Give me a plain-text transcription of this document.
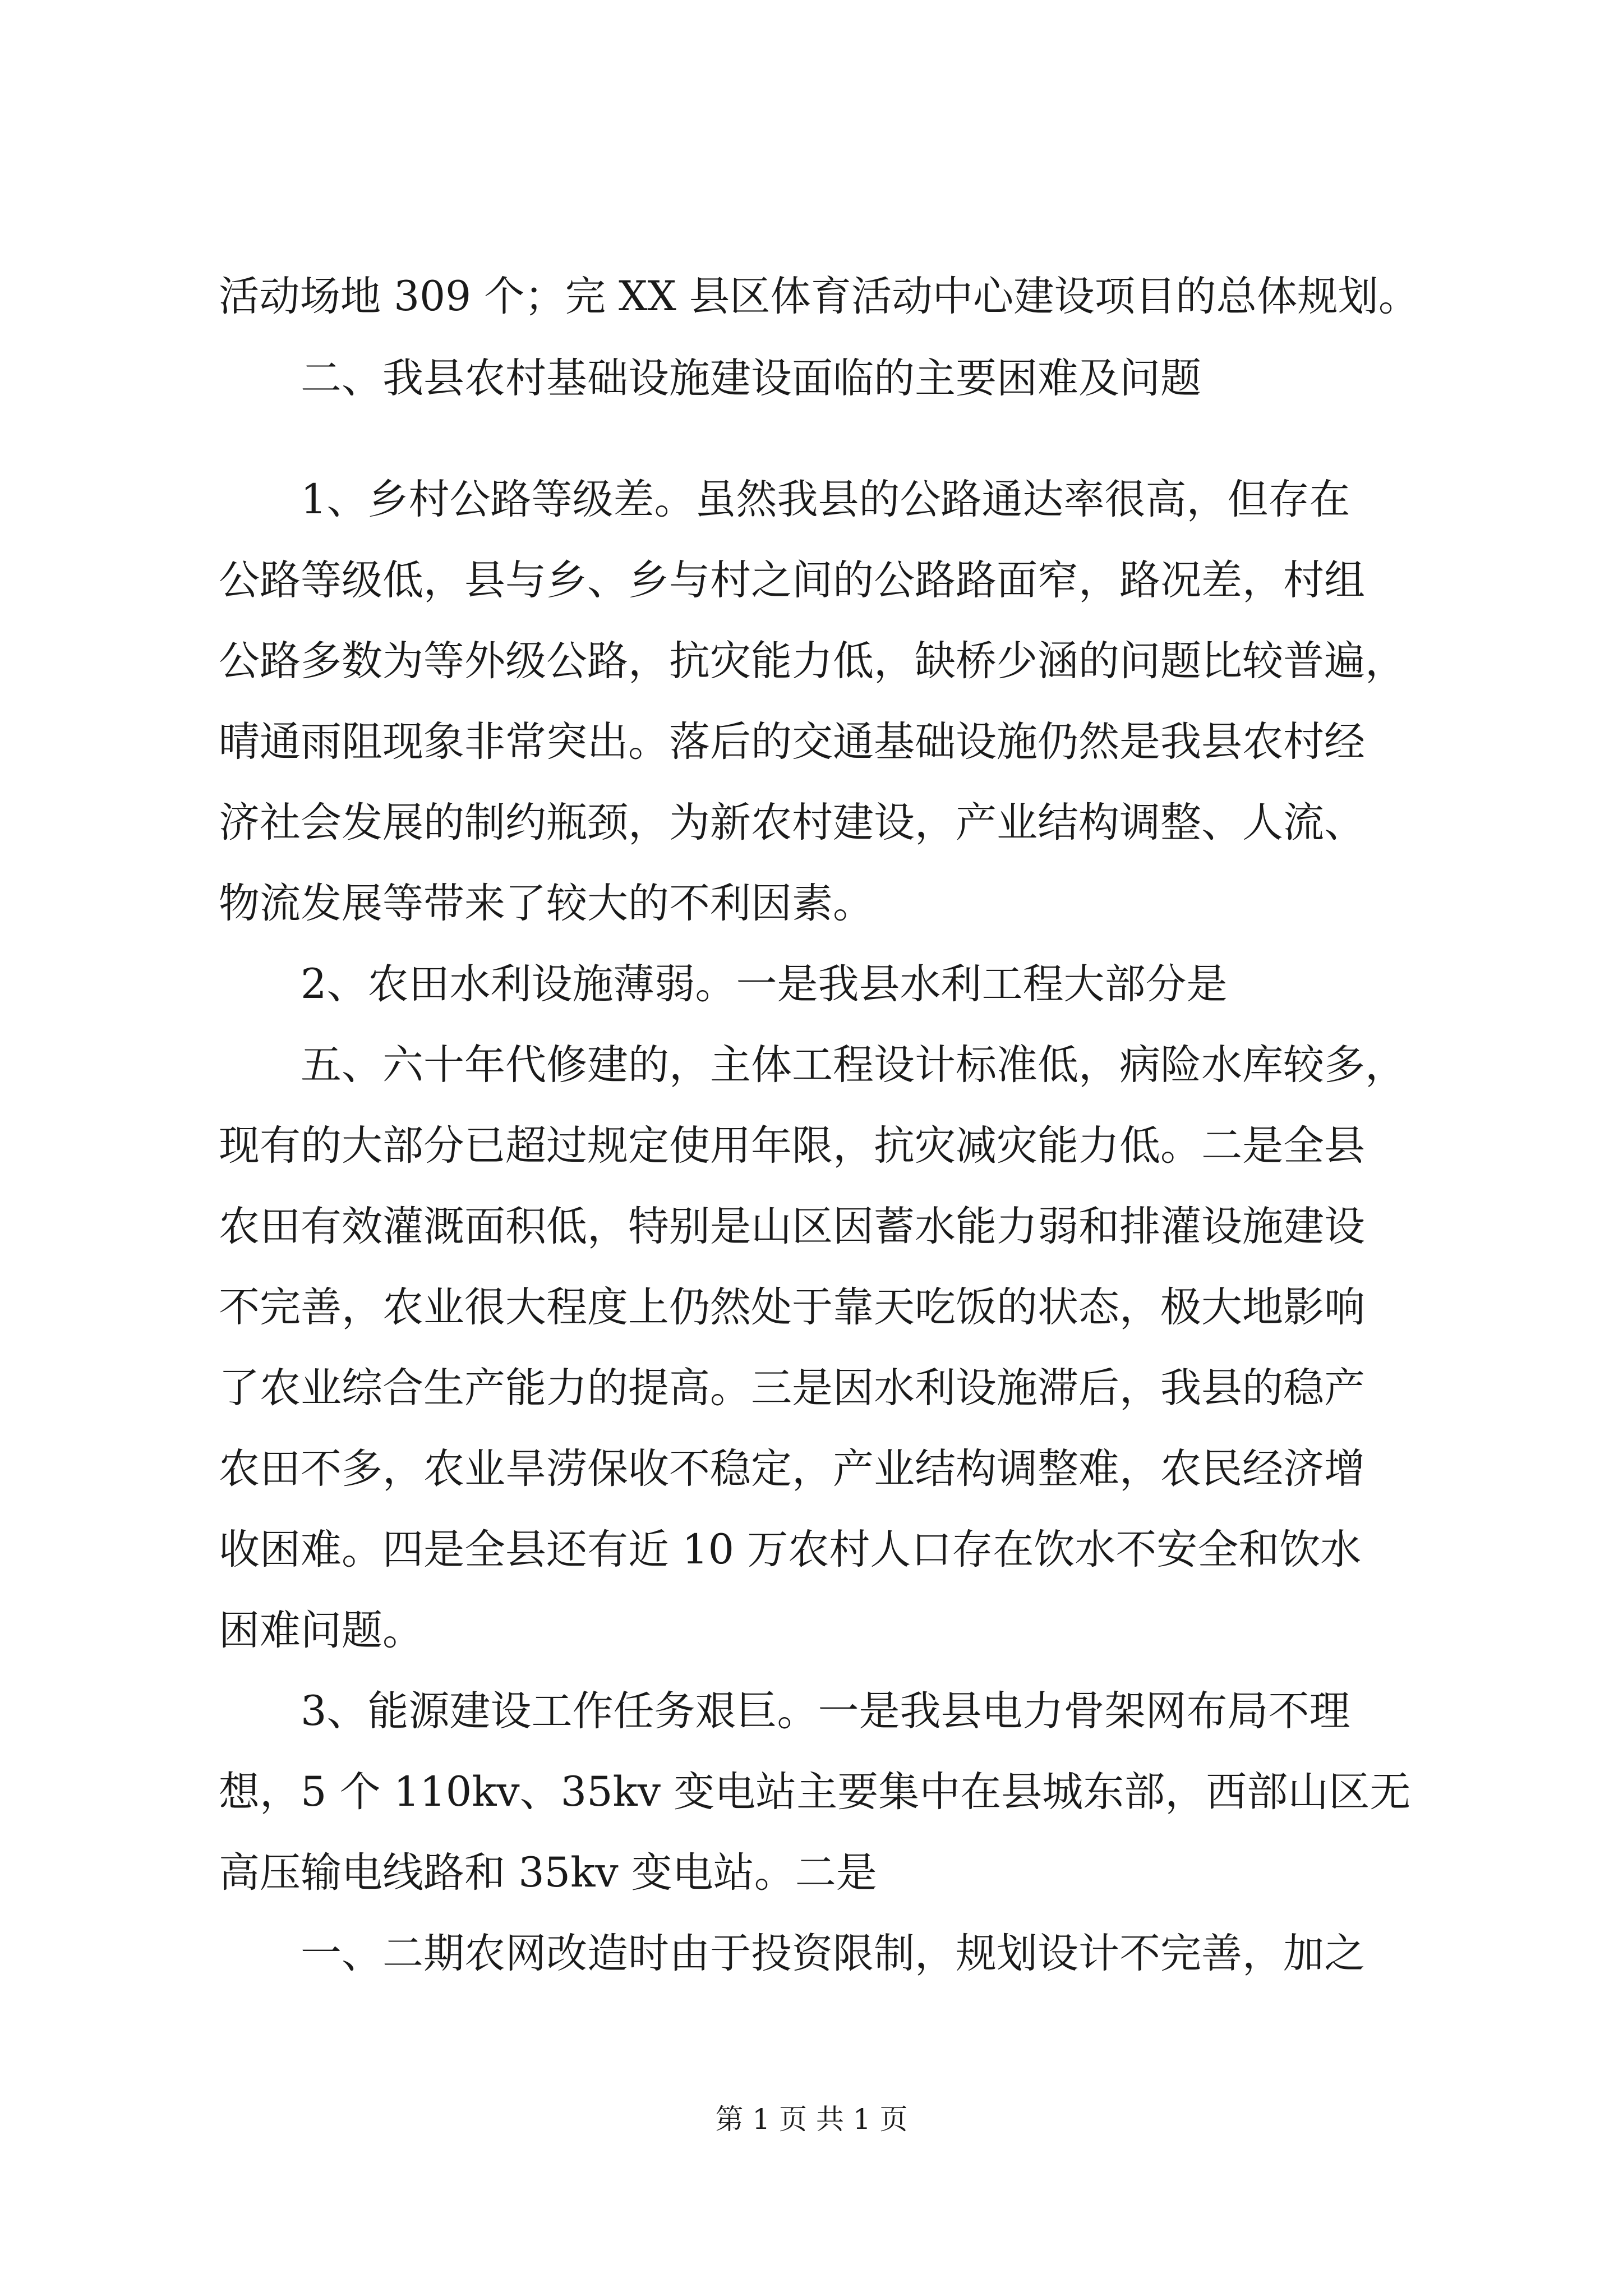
活动场地 309 个；完 XX 县区体育活动中心建设项目的总体规划。
　　二、我县农村基础设施建设面临的主要困难及问题
　　1、乡村公路等级差。虽然我县的公路通达率很高，但存在
公路等级低，县与乡、乡与村之间的公路路面窄，路况差，村组
公路多数为等外级公路，抗灾能力低，缺桥少涵的问题比较普遍，
晴通雨阻现象非常突出。落后的交通基础设施仍然是我县农村经
济社会发展的制约瓶颈，为新农村建设，产业结构调整、人流、
物流发展等带来了较大的不利因素。
　　2、农田水利设施薄弱。一是我县水利工程大部分是
　　五、六十年代修建的，主体工程设计标准低，病险水库较多，
现有的大部分已超过规定使用年限，抗灾减灾能力低。二是全县
农田有效灌溉面积低，特别是山区因蓄水能力弱和排灌设施建设
不完善，农业很大程度上仍然处于靠天吃饭的状态，极大地影响
了农业综合生产能力的提高。三是因水利设施滞后，我县的稳产
农田不多，农业旱涝保收不稳定，产业结构调整难，农民经济增
收困难。四是全县还有近 10 万农村人口存在饮水不安全和饮水
困难问题。
　　3、能源建设工作任务艰巨。一是我县电力骨架网布局不理
想，5 个 110kv、35kv 变电站主要集中在县城东部，西部山区无
高压输电线路和 35kv 变电站。二是
　　一、二期农网改造时由于投资限制，规划设计不完善，加之
第 1 页 共 1 页
